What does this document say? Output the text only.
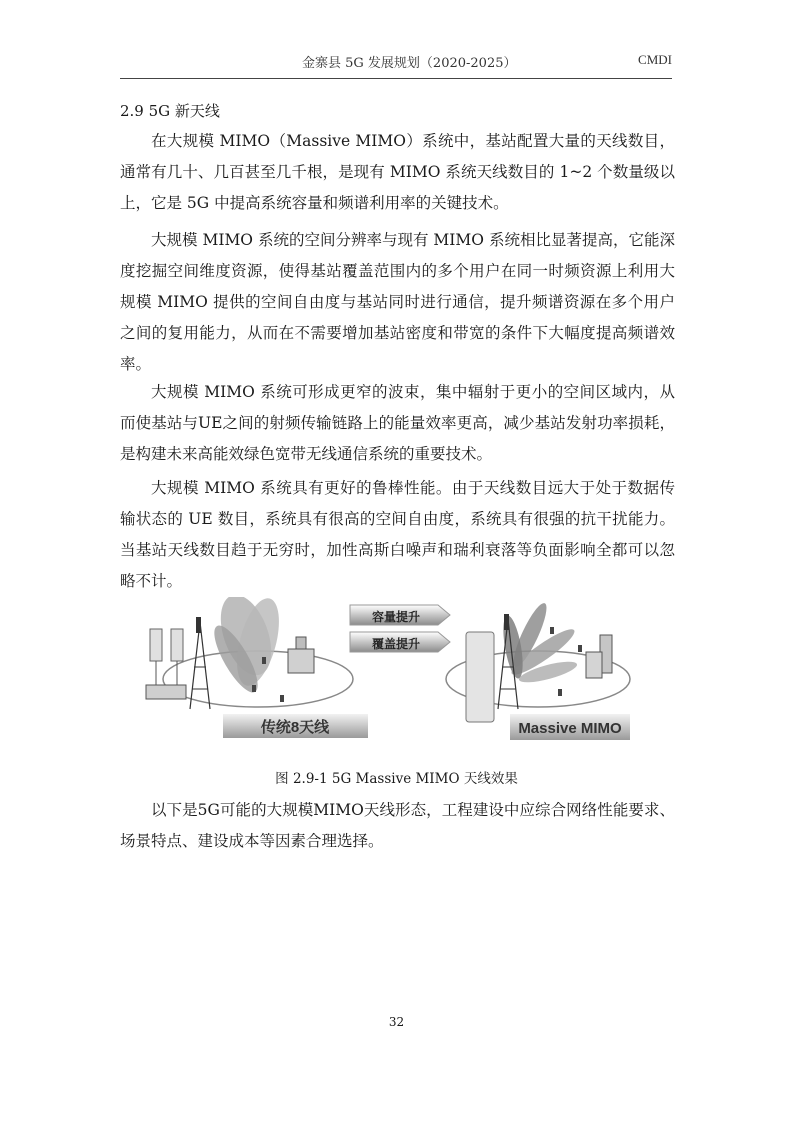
金寨县 5G 发展规划（2020-2025）	CMDI
2.9 5G 新天线

在大规模 MIMO（Massive MIMO）系统中，基站配置大量的天线数目，通常有几十、几百甚至几千根，是现有 MIMO 系统天线数目的 1~2 个数量级以上，它是 5G 中提高系统容量和频谱利用率的关键技术。

大规模 MIMO 系统的空间分辨率与现有 MIMO 系统相比显著提高，它能深度挖掘空间维度资源，使得基站覆盖范围内的多个用户在同一时频资源上利用大规模 MIMO 提供的空间自由度与基站同时进行通信，提升频谱资源在多个用户之间的复用能力，从而在不需要增加基站密度和带宽的条件下大幅度提高频谱效率。

大规模 MIMO 系统可形成更窄的波束，集中辐射于更小的空间区域内，从而使基站与UE之间的射频传输链路上的能量效率更高，减少基站发射功率损耗，是构建未来高能效绿色宽带无线通信系统的重要技术。

大规模 MIMO 系统具有更好的鲁棒性能。由于天线数目远大于处于数据传输状态的 UE 数目，系统具有很高的空间自由度，系统具有很强的抗干扰能力。当基站天线数目趋于无穷时，加性高斯白噪声和瑞利衰落等负面影响全都可以忽略不计。

传统8天线
容量提升
覆盖提升
Massive MIMO
图 2.9-1 5G Massive MIMO 天线效果

以下是5G可能的大规模MIMO天线形态，工程建设中应综合网络性能要求、场景特点、建设成本等因素合理选择。

32
